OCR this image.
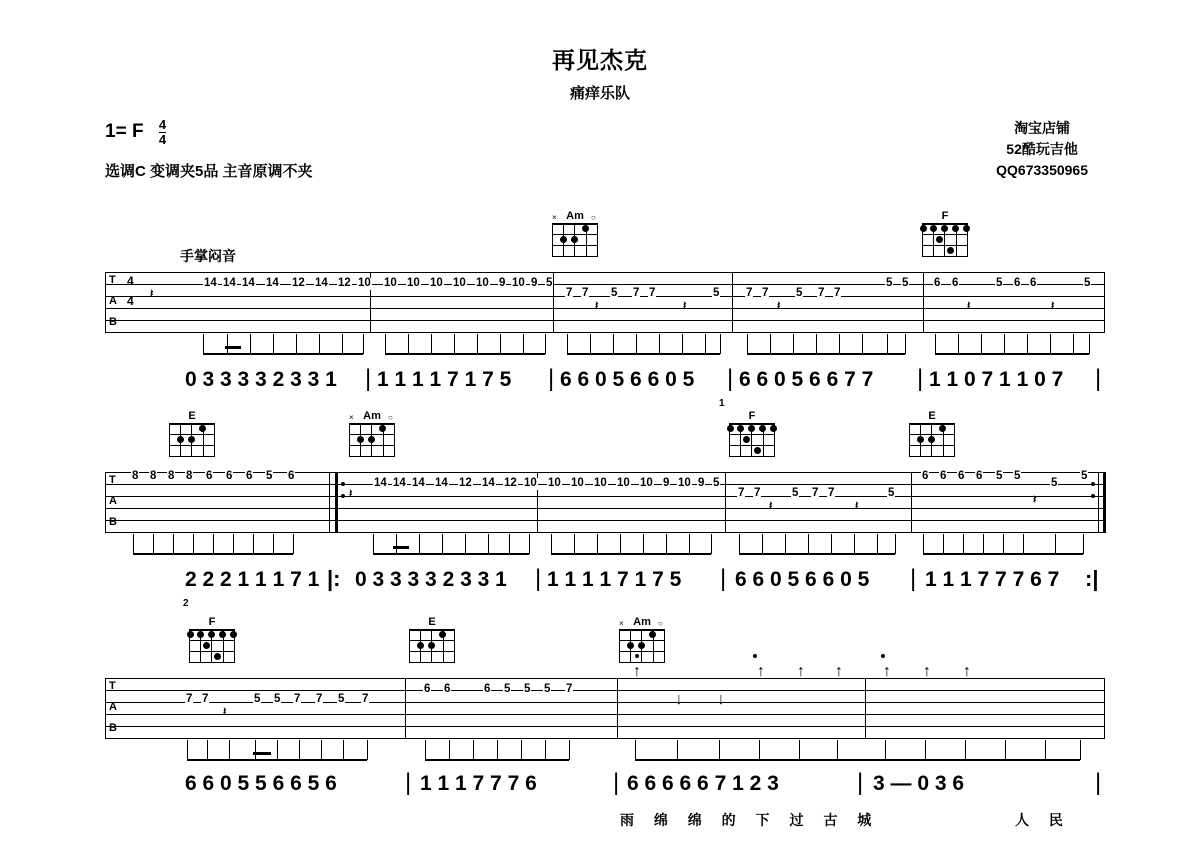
再见杰克
痛痒乐队
1= F $\frac{4}{4}$
选调C 变调夹5品 主音原调不夹
淘宝店铺
52酷玩吉他
QQ673350965
Am
×	○	F
手掌闷音
T
A
B
4
4 𝄽
14 14 14 14 12 14 12 10 10 10 10 10 10 9 10 9 5
7 7 5 7 7	5
𝄽	𝄽
7 7 5 7 7
5 5
𝄽
6 6	5 6 6	5
𝄽	𝄽
0 3 3 3 3 2 3 3 1 | 1 1 1 1 7 1 7 5 | 6 6 0 5 6 6 0 5 | 6 6 0 5 6 6 7 7 | 1 1 0 7 1 1 0 7 |
1
E	Am
×	○	F	E
T
A
B
8 8 8 8 6 6 6 5 6
𝄽
14 14 14 14 12 14 12 10 10 10 10 10 10 9 10 9 5
7 7	5 7 7	5
𝄽	𝄽
6 6 6 6 5 5
5
5
𝄽
2 2 2 1 1 1 7 1 |: 0 3 3 3 3 2 3 3 1 | 1 1 1 1 7 1 7 5 | 6 6 0 5 6 6 0 5 | 1 1 1 7 7 7 6 7 :|
2
F	E	Am
×	○
T
A
B
7 7	5 5 7 7 5 7
𝄽
6 6	6 5 5 5 7
↑
↓ ↓
↑ ↑ ↑	↑ ↑ ↑
6 6 0 5 5 6 6 5 6	| 1 1 1 7 7 7 6	| 6 6 6 6 6 7 1 2 3	| 3 — 0 3 6	|
雨 绵 绵 的 下 过 古 城	人 民
